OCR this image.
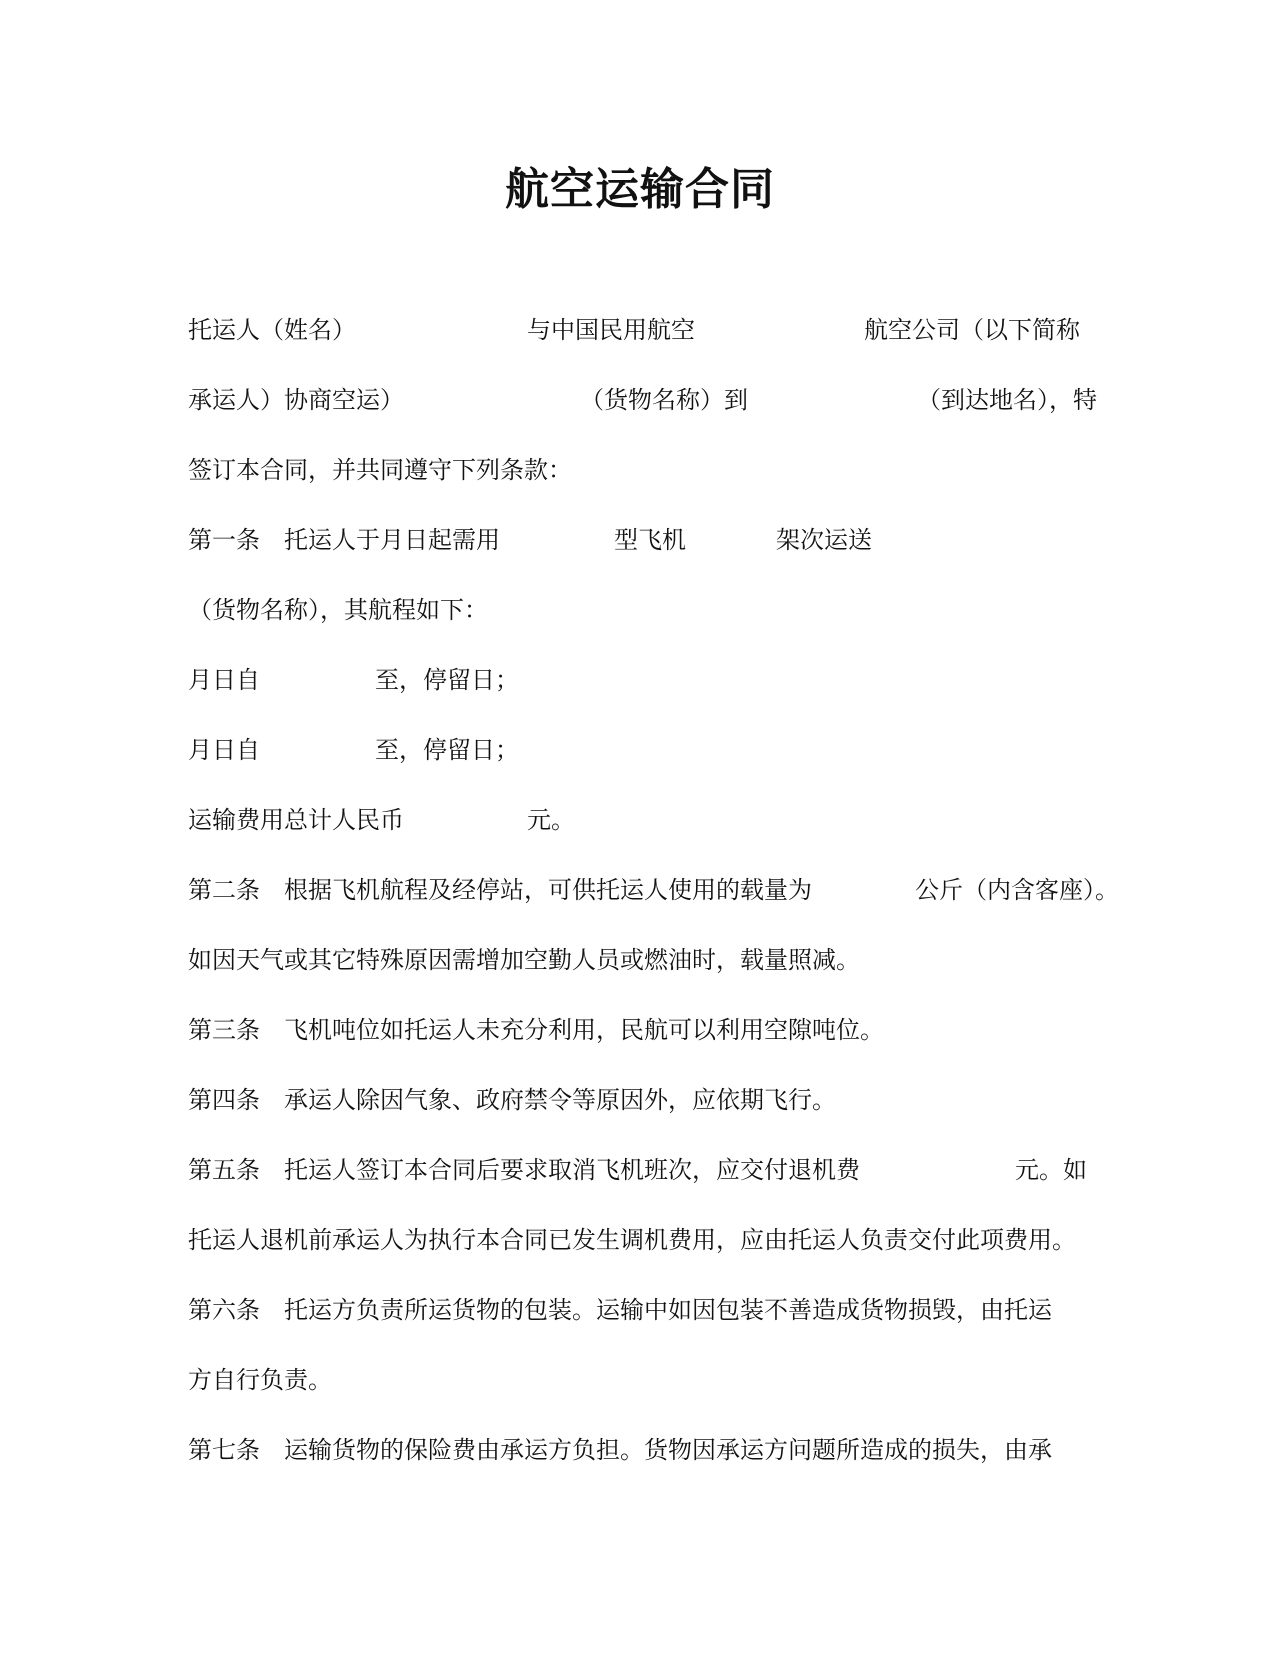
航空运输合同
托运人（姓名）	与中国民用航空	航空公司（以下简称
承运人）协商空运）	（货物名称）到	（到达地名），特
签订本合同，并共同遵守下列条款：
第一条　托运人于月日起需用	型飞机	架次运送
（货物名称），其航程如下：
月日自	至，停留日；
月日自	至，停留日；
运输费用总计人民币	元。
第二条　根据飞机航程及经停站，可供托运人使用的载量为	公斤（内含客座）。
如因天气或其它特殊原因需增加空勤人员或燃油时，载量照减。
第三条　飞机吨位如托运人未充分利用，民航可以利用空隙吨位。
第四条　承运人除因气象、政府禁令等原因外，应依期飞行。
第五条　托运人签订本合同后要求取消飞机班次，应交付退机费	元。如
托运人退机前承运人为执行本合同已发生调机费用，应由托运人负责交付此项费用。
第六条　托运方负责所运货物的包装。运输中如因包装不善造成货物损毁，由托运
方自行负责。
第七条　运输货物的保险费由承运方负担。货物因承运方问题所造成的损失，由承
